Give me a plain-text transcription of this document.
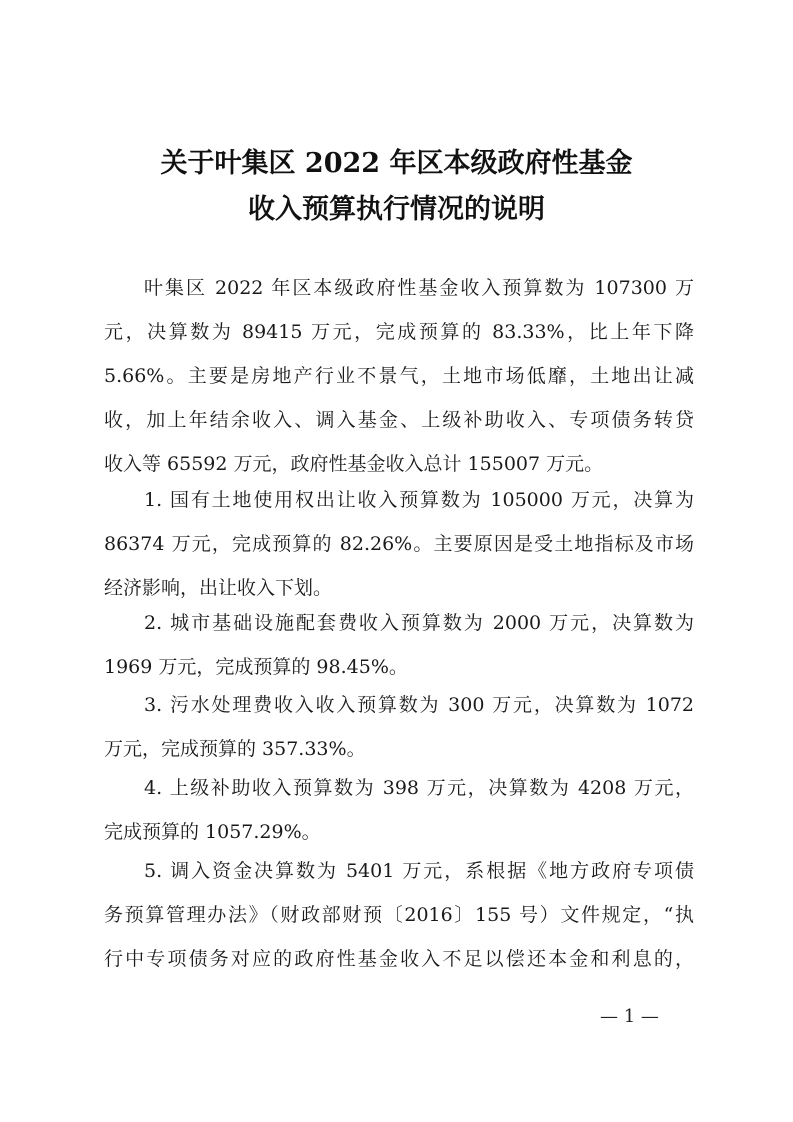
关于叶集区 2022 年区本级政府性基金
收入预算执行情况的说明
叶集区 2022 年区本级政府性基金收入预算数为 107300 万
元，决算数为 89415 万元，完成预算的 83.33%，比上年下降
5.66%。主要是房地产行业不景气，土地市场低靡，土地出让减
收，加上年结余收入、调入基金、上级补助收入、专项债务转贷
收入等 65592 万元，政府性基金收入总计 155007 万元。
1. 国有土地使用权出让收入预算数为 105000 万元，决算为
86374 万元，完成预算的 82.26%。主要原因是受土地指标及市场
经济影响，出让收入下划。
2. 城市基础设施配套费收入预算数为 2000 万元，决算数为
1969 万元，完成预算的 98.45%。
3. 污水处理费收入收入预算数为 300 万元，决算数为 1072
万元，完成预算的 357.33%。
4. 上级补助收入预算数为 398 万元，决算数为 4208 万元，
完成预算的 1057.29%。
5. 调入资金决算数为 5401 万元，系根据《地方政府专项债
务预算管理办法》（财政部财预〔2016〕155 号）文件规定，“执
行中专项债务对应的政府性基金收入不足以偿还本金和利息的，
— 1 —
